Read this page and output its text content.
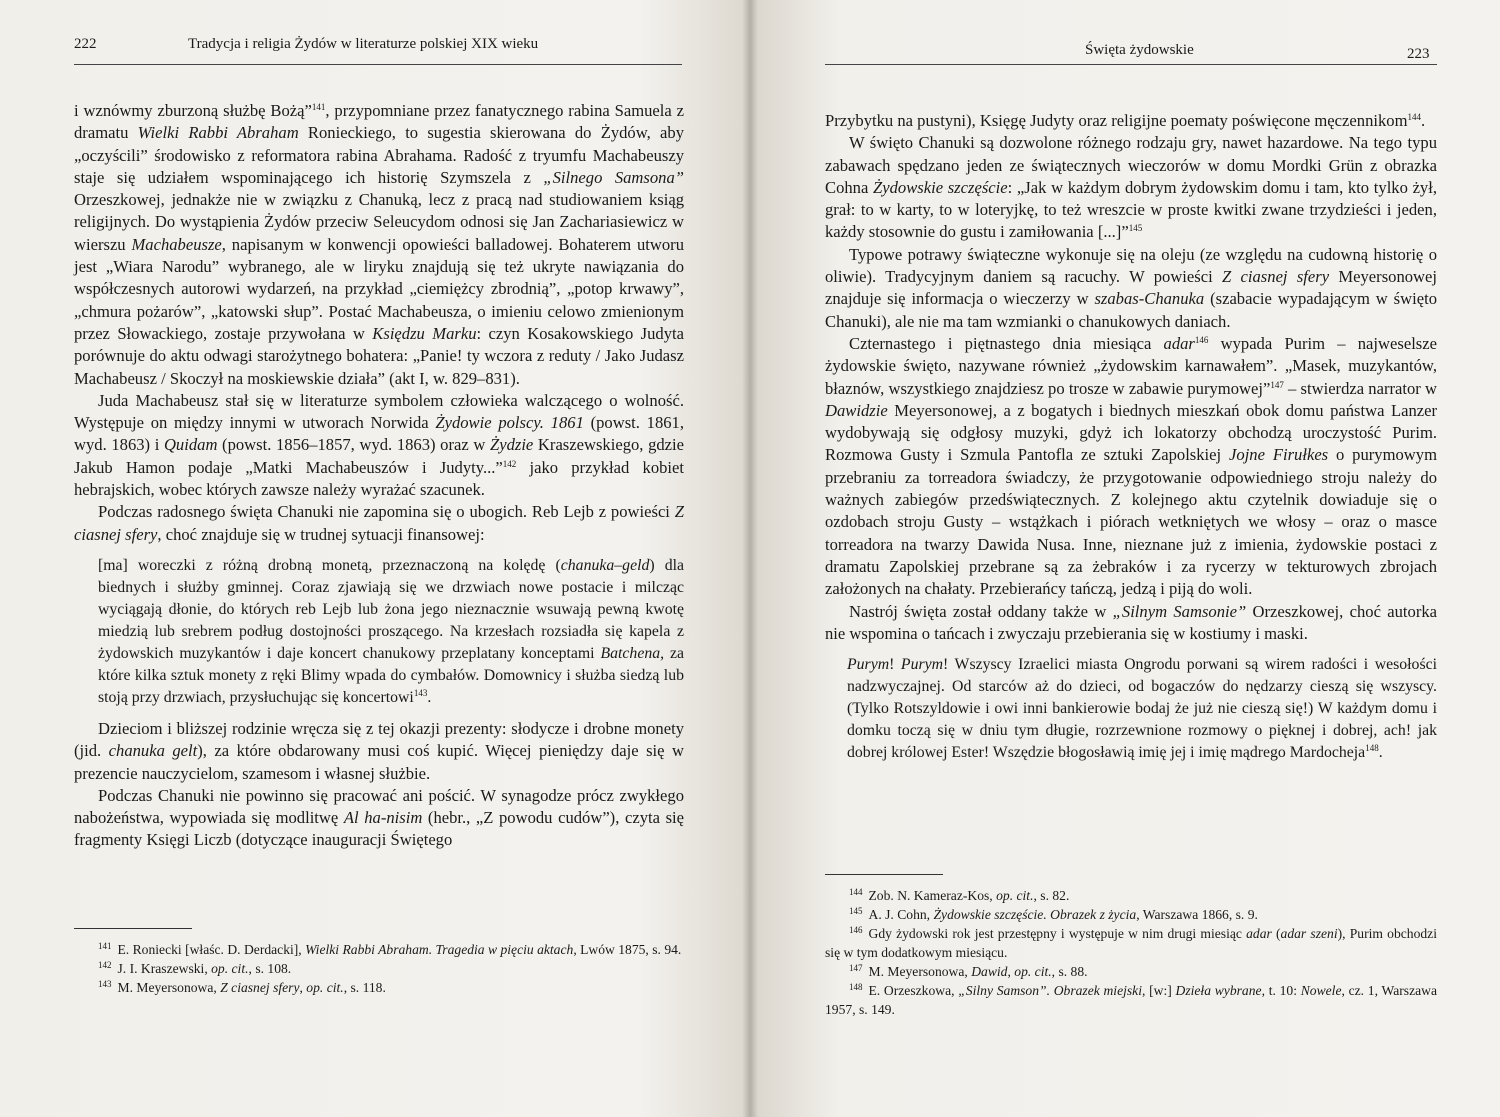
222	Tradycja i religia Żydów w literaturze polskiej XIX wieku

i wznówmy zburzoną służbę Bożą”$^{141}$, przypomniane przez fanatycznego rabina Samuela z dramatu Wielki Rabbi Abraham Ronieckiego, to sugestia skierowana do Żydów, aby „oczyścili” środowisko z reformatora rabina Abrahama. Radość z tryumfu Machabeuszy staje się udziałem wspominającego ich historię Szymszela z „Silnego Samsona” Orzeszkowej, jednakże nie w związku z Chanuką, lecz z pracą nad studiowaniem ksiąg religijnych. Do wystąpienia Żydów przeciw Seleucydom odnosi się Jan Zachariasiewicz w wierszu Machabeusze, napisanym w konwencji opowieści balladowej. Bohaterem utworu jest „Wiara Narodu” wybranego, ale w liryku znajdują się też ukryte nawiązania do współczesnych autorowi wydarzeń, na przykład „ciemiężcy zbrodnią”, „potop krwawy”, „chmura pożarów”, „katowski słup”. Postać Machabeusza, o imieniu celowo zmienionym przez Słowackiego, zostaje przywołana w Księdzu Marku: czyn Kosakowskiego Judyta porównuje do aktu odwagi starożytnego bohatera: „Panie! ty wczora z reduty / Jako Judasz Machabeusz / Skoczył na moskiewskie działa” (akt I, w. 829–831).

Juda Machabeusz stał się w literaturze symbolem człowieka walczącego o wolność. Występuje on między innymi w utworach Norwida Żydowie polscy. 1861 (powst. 1861, wyd. 1863) i Quidam (powst. 1856–1857, wyd. 1863) oraz w Żydzie Kraszewskiego, gdzie Jakub Hamon podaje „Matki Machabeuszów i Judyty...”$^{142}$ jako przykład kobiet hebrajskich, wobec których zawsze należy wyrażać szacunek.

Podczas radosnego święta Chanuki nie zapomina się o ubogich. Reb Lejb z powieści Z ciasnej sfery, choć znajduje się w trudnej sytuacji finansowej:

[ma] woreczki z różną drobną monetą, przeznaczoną na kolędę (chanuka–geld) dla biednych i służby gminnej. Coraz zjawiają się we drzwiach nowe postacie i milcząc wyciągają dłonie, do których reb Lejb lub żona jego nieznacznie wsuwają pewną kwotę miedzią lub srebrem podług dostojności proszącego. Na krzesłach rozsiadła się kapela z żydowskich muzykantów i daje koncert chanukowy przeplatany konceptami Batchena, za które kilka sztuk monety z ręki Blimy wpada do cymbałów. Domownicy i służba siedzą lub stoją przy drzwiach, przysłuchując się koncertowi$^{143}$.

Dzieciom i bliższej rodzinie wręcza się z tej okazji prezenty: słodycze i drobne monety (jid. chanuka gelt), za które obdarowany musi coś kupić. Więcej pieniędzy daje się w prezencie nauczycielom, szamesom i własnej służbie.

Podczas Chanuki nie powinno się pracować ani pościć. W synagodze prócz zwykłego nabożeństwa, wypowiada się modlitwę Al ha-nisim (hebr., „Z powodu cudów”), czyta się fragmenty Księgi Liczb (dotyczące inauguracji Świętego

$^{141}$ E. Roniecki [właśc. D. Derdacki], Wielki Rabbi Abraham. Tragedia w pięciu aktach, Lwów 1875, s. 94.

$^{142}$ J. I. Kraszewski, op. cit., s. 108.

$^{143}$ M. Meyersonowa, Z ciasnej sfery, op. cit., s. 118.

Święta żydowskie	223

Przybytku na pustyni), Księgę Judyty oraz religijne poematy poświęcone męczennikom$^{144}$.

W święto Chanuki są dozwolone różnego rodzaju gry, nawet hazardowe. Na tego typu zabawach spędzano jeden ze świątecznych wieczorów w domu Mordki Grün z obrazka Cohna Żydowskie szczęście: „Jak w każdym dobrym żydowskim domu i tam, kto tylko żył, grał: to w karty, to w loteryjkę, to też wreszcie w proste kwitki zwane trzydzieści i jeden, każdy stosownie do gustu i zamiłowania [...]”$^{145}$

Typowe potrawy świąteczne wykonuje się na oleju (ze względu na cudowną historię o oliwie). Tradycyjnym daniem są racuchy. W powieści Z ciasnej sfery Meyersonowej znajduje się informacja o wieczerzy w szabas-Chanuka (szabacie wypadającym w święto Chanuki), ale nie ma tam wzmianki o chanukowych daniach.

Czternastego i piętnastego dnia miesiąca adar$^{146}$ wypada Purim – najweselsze żydowskie święto, nazywane również „żydowskim karnawałem”. „Masek, muzykantów, błaznów, wszystkiego znajdziesz po trosze w zabawie purymowej”$^{147}$ – stwierdza narrator w Dawidzie Meyersonowej, a z bogatych i biednych mieszkań obok domu państwa Lanzer wydobywają się odgłosy muzyki, gdyż ich lokatorzy obchodzą uroczystość Purim. Rozmowa Gusty i Szmula Pantofla ze sztuki Zapolskiej Jojne Firułkes o purymowym przebraniu za torreadora świadczy, że przygotowanie odpowiedniego stroju należy do ważnych zabiegów przedświątecznych. Z kolejnego aktu czytelnik dowiaduje się o ozdobach stroju Gusty – wstążkach i piórach wetkniętych we włosy – oraz o masce torreadora na twarzy Dawida Nusa. Inne, nieznane już z imienia, żydowskie postaci z dramatu Zapolskiej przebrane są za żebraków i za rycerzy w tekturowych zbrojach założonych na chałaty. Przebierańcy tańczą, jedzą i piją do woli.

Nastrój święta został oddany także w „Silnym Samsonie” Orzeszkowej, choć autorka nie wspomina o tańcach i zwyczaju przebierania się w kostiumy i maski.

Purym! Purym! Wszyscy Izraelici miasta Ongrodu porwani są wirem radości i wesołości nadzwyczajnej. Od starców aż do dzieci, od bogaczów do nędzarzy cieszą się wszyscy. (Tylko Rotszyldowie i owi inni bankierowie bodaj że już nie cieszą się!) W każdym domu i domku toczą się w dniu tym długie, rozrzewnione rozmowy o pięknej i dobrej, ach! jak dobrej królowej Ester! Wszędzie błogosławią imię jej i imię mądrego Mardocheja$^{148}$.

$^{144}$ Zob. N. Kameraz-Kos, op. cit., s. 82.

$^{145}$ A. J. Cohn, Żydowskie szczęście. Obrazek z życia, Warszawa 1866, s. 9.

$^{146}$ Gdy żydowski rok jest przestępny i występuje w nim drugi miesiąc adar (adar szeni), Purim obchodzi się w tym dodatkowym miesiącu.

$^{147}$ M. Meyersonowa, Dawid, op. cit., s. 88.

$^{148}$ E. Orzeszkowa, „Silny Samson”. Obrazek miejski, [w:] Dzieła wybrane, t. 10: Nowele, cz. 1, Warszawa 1957, s. 149.
